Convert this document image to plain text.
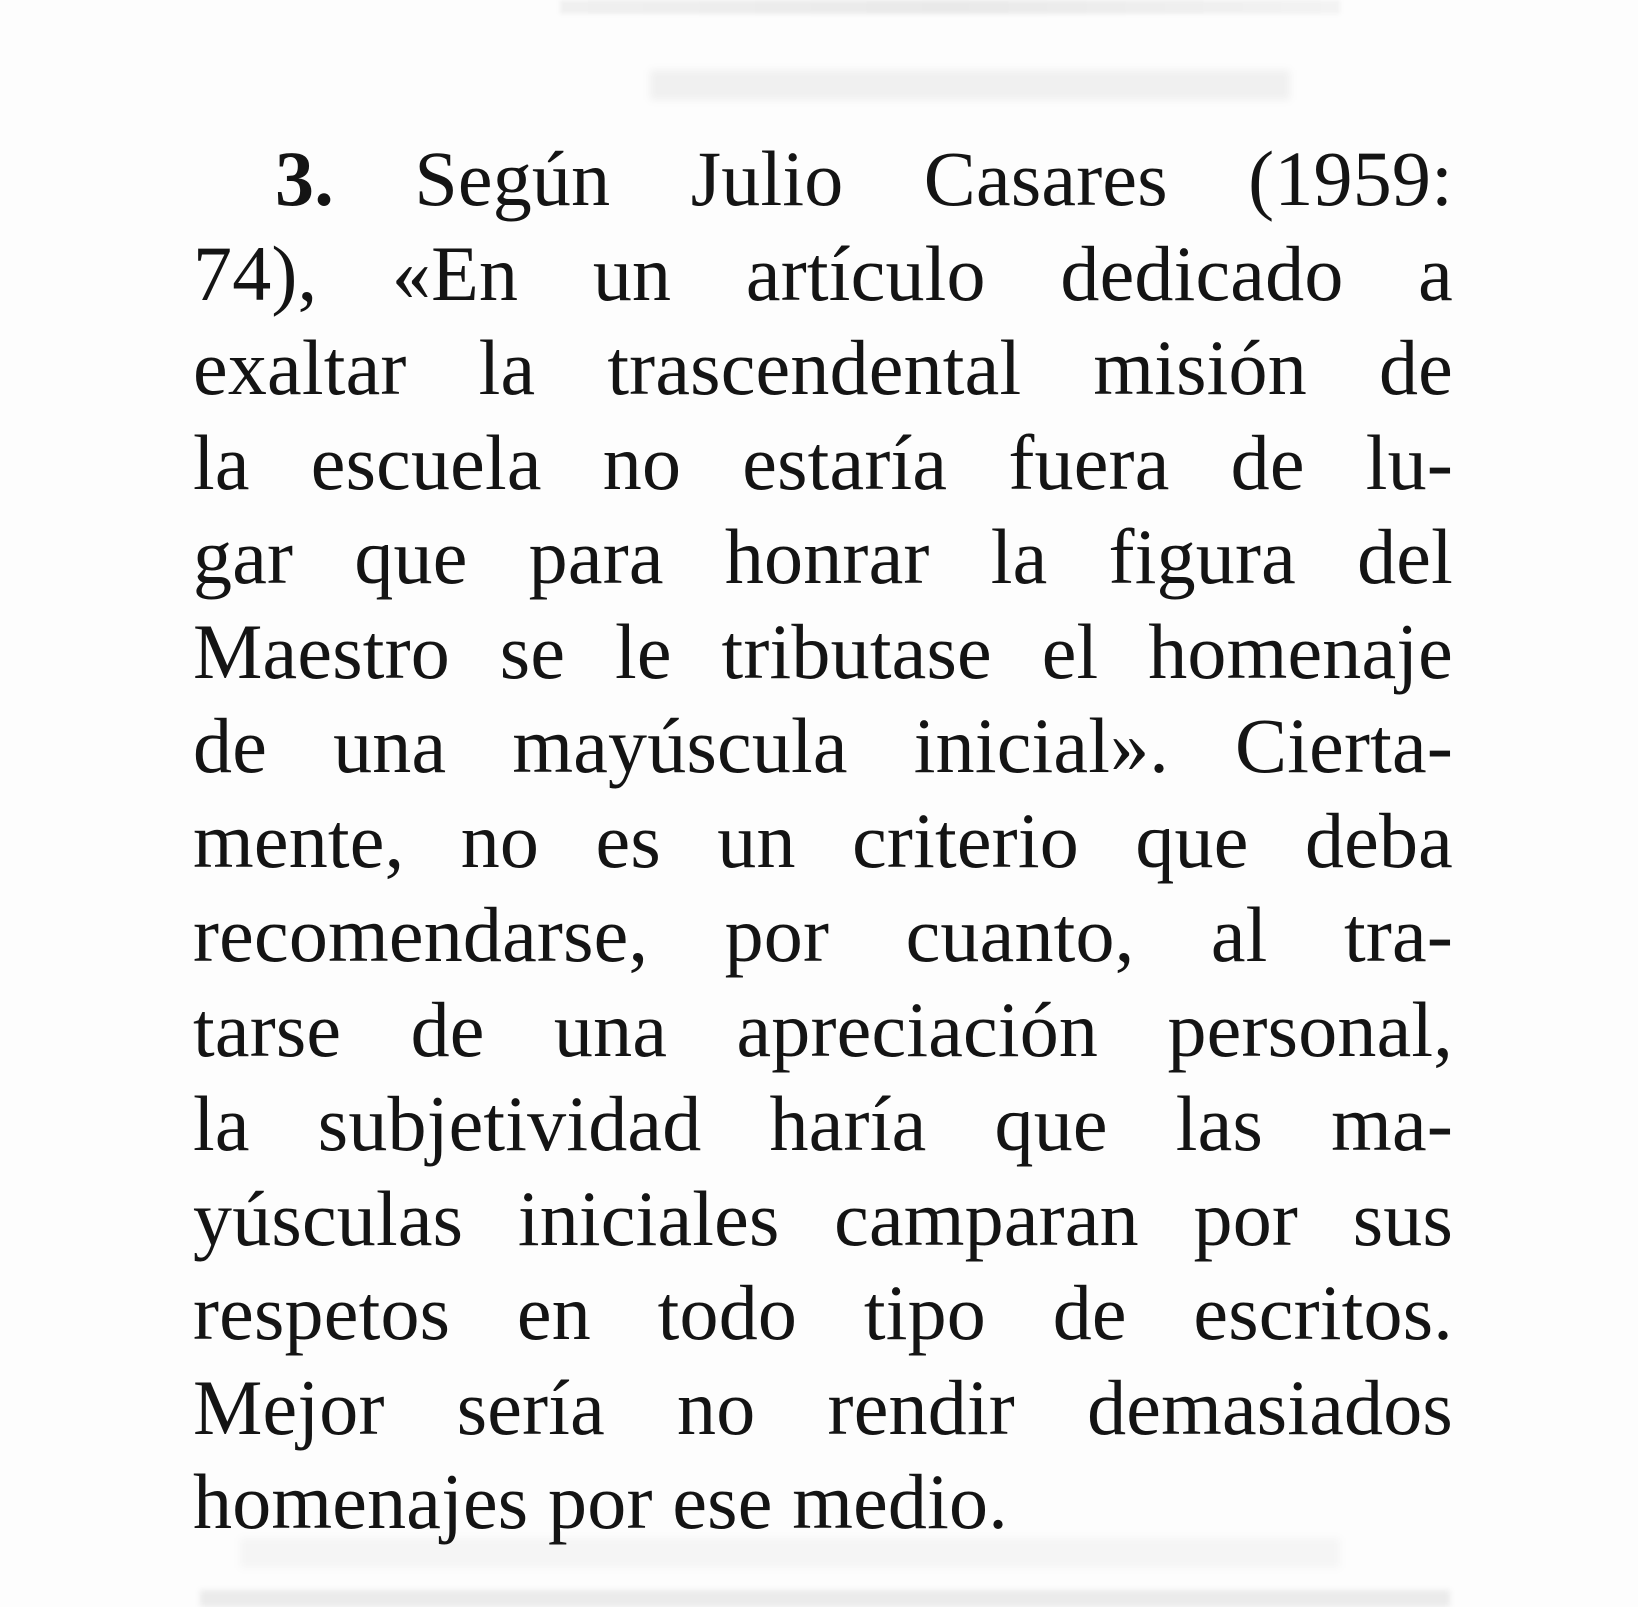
3. Según Julio Casares (1959:
74), «En un artículo dedicado a
exaltar la trascendental misión de
la escuela no estaría fuera de lu-
gar que para honrar la figura del
Maestro se le tributase el homenaje
de una mayúscula inicial». Cierta-
mente, no es un criterio que deba
recomendarse, por cuanto, al tra-
tarse de una apreciación personal,
la subjetividad haría que las ma-
yúsculas iniciales camparan por sus
respetos en todo tipo de escritos.
Mejor sería no rendir demasiados
homenajes por ese medio.
